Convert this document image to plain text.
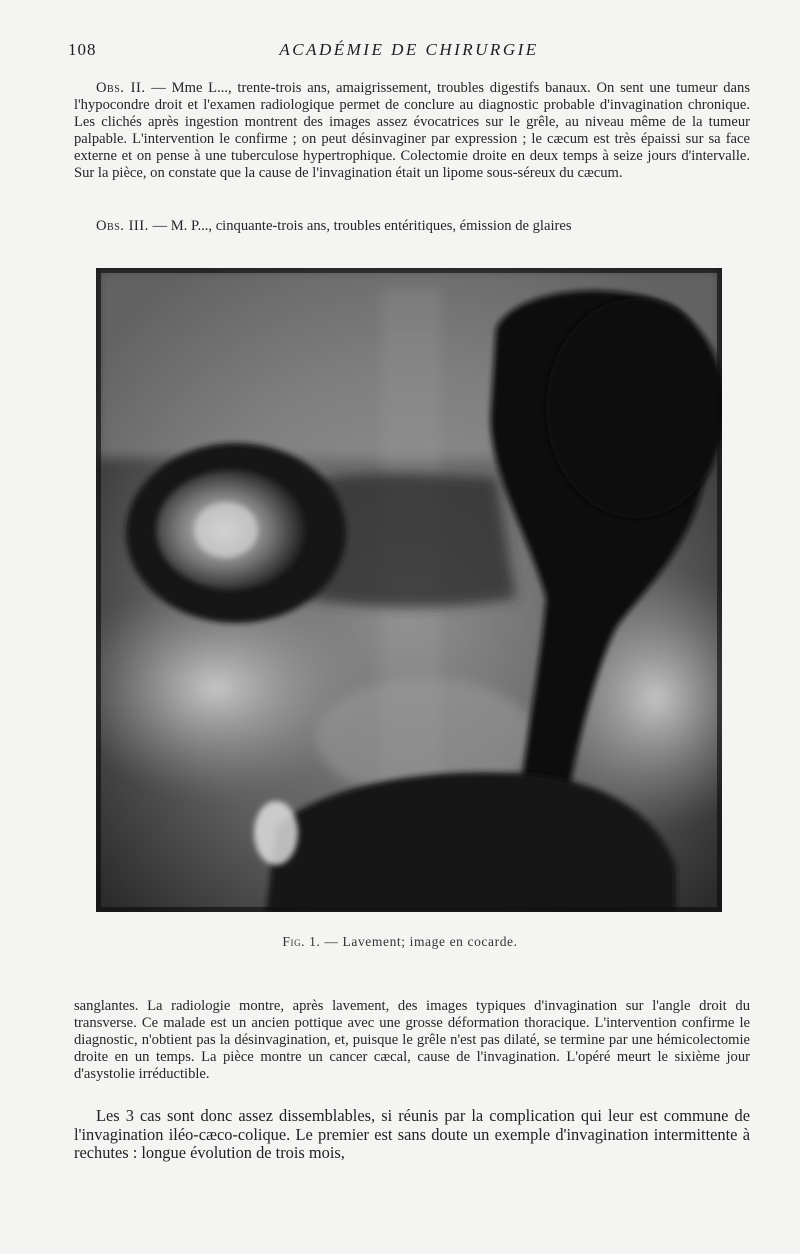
108	ACADÉMIE DE CHIRURGIE
Obs. II. — Mme L..., trente-trois ans, amaigrissement, troubles digestifs banaux. On sent une tumeur dans l'hypocondre droit et l'examen radiologique permet de conclure au diagnostic probable d'invagination chronique. Les clichés après ingestion montrent des images assez évocatrices sur le grêle, au niveau même de la tumeur palpable. L'intervention le confirme ; on peut désinvaginer par expression ; le cæcum est très épaissi sur sa face externe et on pense à une tuberculose hypertrophique. Colectomie droite en deux temps à seize jours d'intervalle. Sur la pièce, on constate que la cause de l'invagination était un lipome sous-séreux du cæcum.
Obs. III. — M. P..., cinquante-trois ans, troubles entéritiques, émission de glaires
Fig. 1. — Lavement; image en cocarde.
sanglantes. La radiologie montre, après lavement, des images typiques d'invagination sur l'angle droit du transverse. Ce malade est un ancien pottique avec une grosse déformation thoracique. L'intervention confirme le diagnostic, n'obtient pas la désinvagination, et, puisque le grêle n'est pas dilaté, se termine par une hémicolectomie droite en un temps. La pièce montre un cancer cæcal, cause de l'invagination. L'opéré meurt le sixième jour d'asystolie irréductible.
Les 3 cas sont donc assez dissemblables, si réunis par la complication qui leur est commune de l'invagination iléo-cæco-colique. Le premier est sans doute un exemple d'invagination intermittente à rechutes : longue évolution de trois mois,
